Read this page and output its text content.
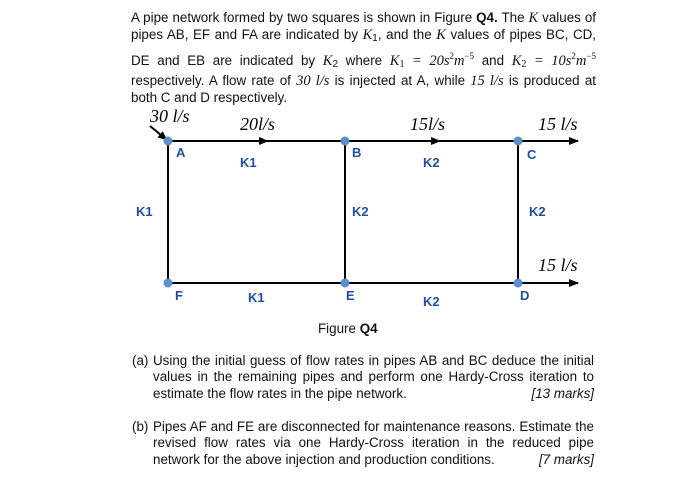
A pipe network formed by two squares is shown in Figure Q4. The K values of pipes AB, EF and FA are indicated by $K_1$, and the K values of pipes BC, CD, DE and EB are indicated by $K_2$ where $K_1 = 20s^2m^{-5}$ and $K_2 = 10s^2m^{-5}$ respectively. A flow rate of 30 l/s is injected at A, while 15 l/s is produced at both C and D respectively.
30 l/s	20l/s	15l/s	15 l/s
15 l/s
A	B	C
F	E	D
K1	K2
K1	K2	K2
K1	K2
Figure Q4
(a) Using the initial guess of flow rates in pipes AB and BC deduce the initial values in the remaining pipes and perform one Hardy-Cross iteration to estimate the flow rates in the pipe network.	[13 marks]
(b) Pipes AF and FE are disconnected for maintenance reasons. Estimate the revised flow rates via one Hardy-Cross iteration in the reduced pipe network for the above injection and production conditions.	[7 marks]
